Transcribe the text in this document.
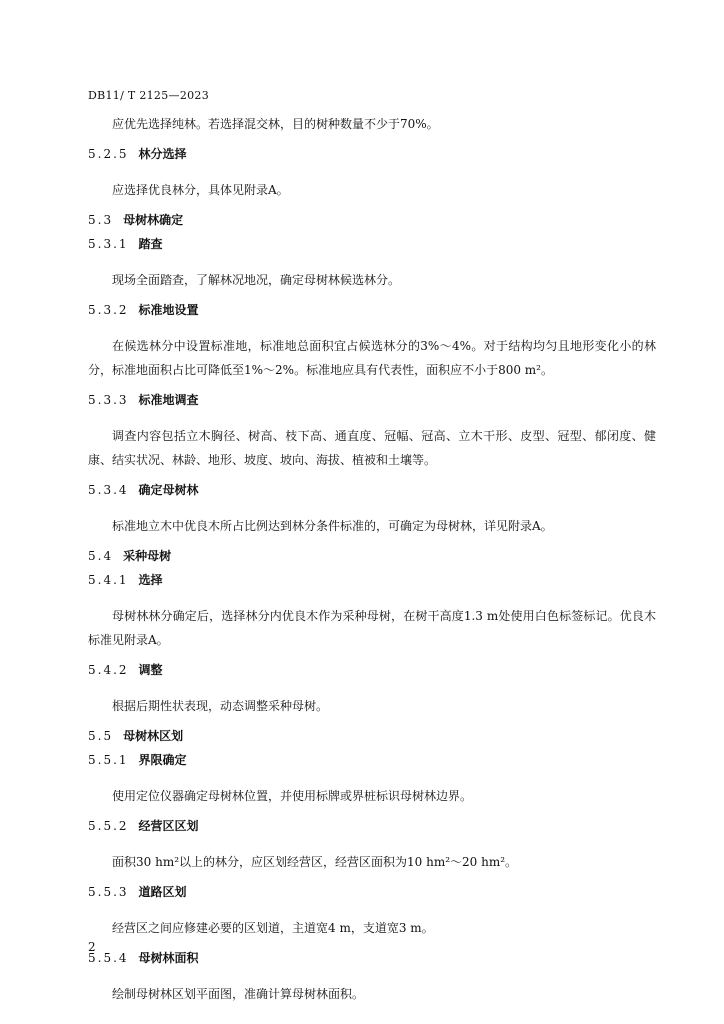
DB11/ T 2125—2023

应优先选择纯林。若选择混交林，目的树种数量不少于70%。

5.2.5 林分选择

应选择优良林分，具体见附录A。

5.3 母树林确定
5.3.1 踏查

现场全面踏查，了解林况地况，确定母树林候选林分。

5.3.2 标准地设置

在候选林分中设置标准地，标准地总面积宜占候选林分的3%～4%。对于结构均匀且地形变化小的林分，标准地面积占比可降低至1%～2%。标准地应具有代表性，面积应不小于800 m²。

5.3.3 标准地调查

调查内容包括立木胸径、树高、枝下高、通直度、冠幅、冠高、立木干形、皮型、冠型、郁闭度、健康、结实状况、林龄、地形、坡度、坡向、海拔、植被和土壤等。

5.3.4 确定母树林

标准地立木中优良木所占比例达到林分条件标准的，可确定为母树林，详见附录A。

5.4 采种母树
5.4.1 选择

母树林林分确定后，选择林分内优良木作为采种母树，在树干高度1.3 m处使用白色标签标记。优良木标准见附录A。

5.4.2 调整

根据后期性状表现，动态调整采种母树。

5.5 母树林区划
5.5.1 界限确定

使用定位仪器确定母树林位置，并使用标牌或界桩标识母树林边界。

5.5.2 经营区区划

面积30 hm²以上的林分，应区划经营区，经营区面积为10 hm²～20 hm²。

5.5.3 道路区划

经营区之间应修建必要的区划道，主道宽4 m，支道宽3 m。

5.5.4 母树林面积

绘制母树林区划平面图，准确计算母树林面积。

2
